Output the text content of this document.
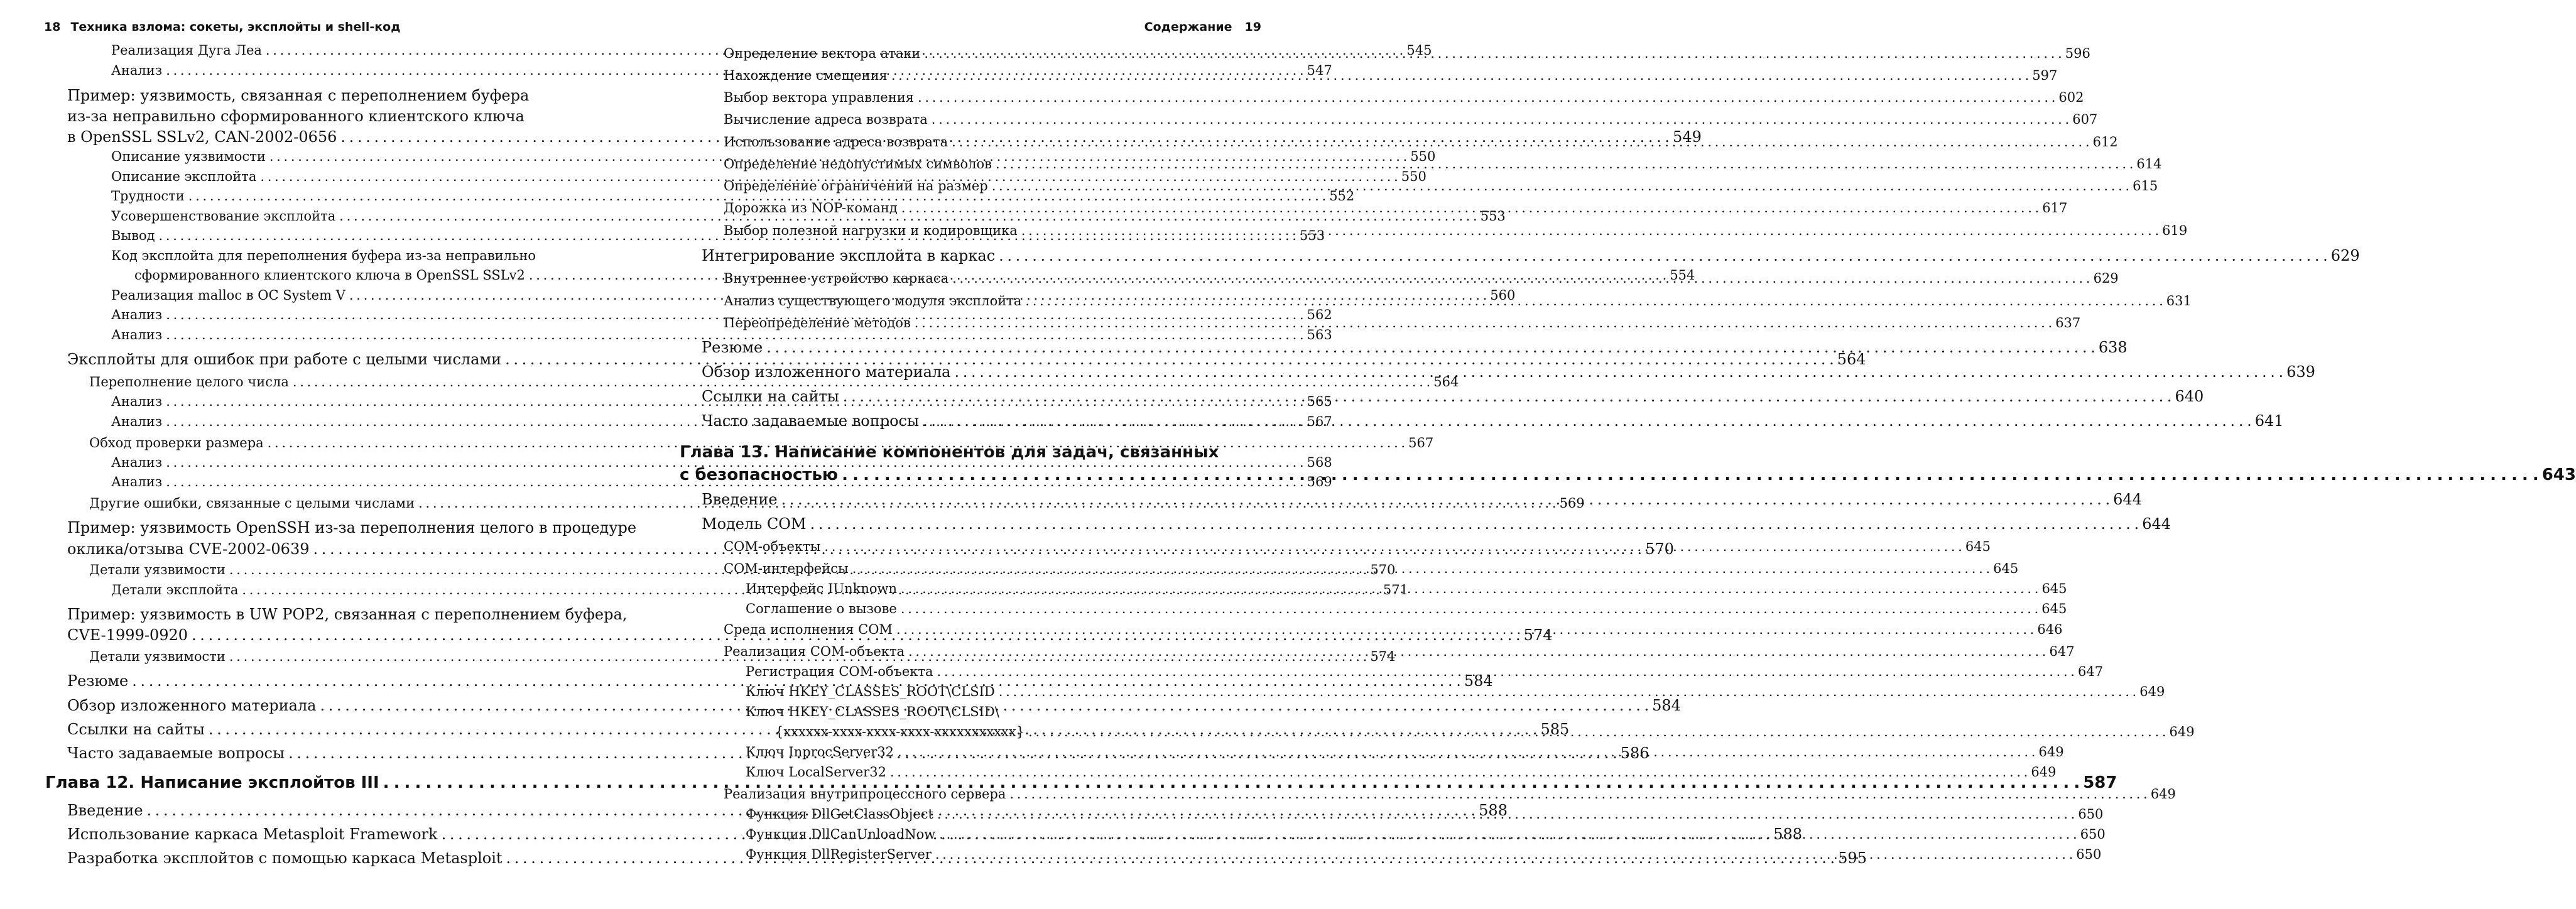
18 Техника взлома: сокеты, эксплойты и shell-код
Реализация Дуга Леа . . .	545
Анализ . . .	547
Пример: уязвимость, связанная с переполнением буфера
из-за неправильно сформированного клиентского ключа
в OpenSSL SSLv2, CAN-2002-0656 . . .	549
Описание уязвимости . . .	550
Описание эксплойта . . .	550
Трудности . . .	552
Усовершенствование эксплойта . . .	553
Вывод . . .	553
Код эксплойта для переполнения буфера из-за неправильно
сформированного клиентского ключа в OpenSSL SSLv2 . . .	554
Реализация malloc в ОС System V . . .	560
Анализ . . .	562
Анализ . . .	563
Эксплойты для ошибок при работе с целыми числами . . .	564
Переполнение целого числа . . .	564
Анализ . . .	565
Анализ . . .	567
Обход проверки размера . . .	567
Анализ . . .	568
Анализ . . .	569
Другие ошибки, связанные с целыми числами . . .	569
Пример: уязвимость OpenSSH из-за переполнения целого в процедуре
оклика/отзыва CVE-2002-0639 . . .	570
Детали уязвимости . . .	570
Детали эксплойта . . .	571
Пример: уязвимость в UW POP2, связанная с переполнением буфера,
CVE-1999-0920 . . .	574
Детали уязвимости . . .	574
Резюме . . .	584
Обзор изложенного материала . . .	584
Ссылки на сайты . . .	585
Часто задаваемые вопросы . . .	586
Глава 12. Написание эксплойтов III . . .	587
Введение . . .	588
Использование каркаса Metasploit Framework . . .	588
Разработка эксплойтов с помощью каркаса Metasploit . . .	595
Содержание 19
Определение вектора атаки . . .	596
Нахождение смещения . . .	597
Выбор вектора управления . . .	602
Вычисление адреса возврата . . .	607
Использование адреса возврата . . .	612
Определение недопустимых символов . . .	614
Определение ограничений на размер . . .	615
Дорожка из NOP-команд . . .	617
Выбор полезной нагрузки и кодировщика . . .	619
Интегрирование эксплойта в каркас . . .	629
Внутреннее устройство каркаса . . .	629
Анализ существующего модуля эксплойта . . .	631
Переопределение методов . . .	637
Резюме . . .	638
Обзор изложенного материала . . .	639
Ссылки на сайты . . .	640
Часто задаваемые вопросы . . .	641
Глава 13. Написание компонентов для задач, связанных
с безопасностью . . .	643
Введение . . .	644
Модель COM . . .	644
COM-объекты . . .	645
COM-интерфейсы . . .	645
Интерфейс IUnknown . . .	645
Соглашение о вызове . . .	645
Среда исполнения COM . . .	646
Реализация COM-объекта . . .	647
Регистрация COM-объекта . . .	647
Ключ HKEY_CLASSES_ROOT\CLSID . . .	649
Ключ HKEY_CLASSES_ROOT\CLSID\
{xxxxxx-xxxx-xxxx-xxxx-xxxxxxxxxxx} . . .	649
Ключ InprocServer32 . . .	649
Ключ LocalServer32 . . .	649
Реализация внутрипроцессного сервера . . .	649
Функция DllGetClassObject . . .	650
Функция DllCanUnloadNow . . .	650
Функция DllRegisterServer . . .	650
